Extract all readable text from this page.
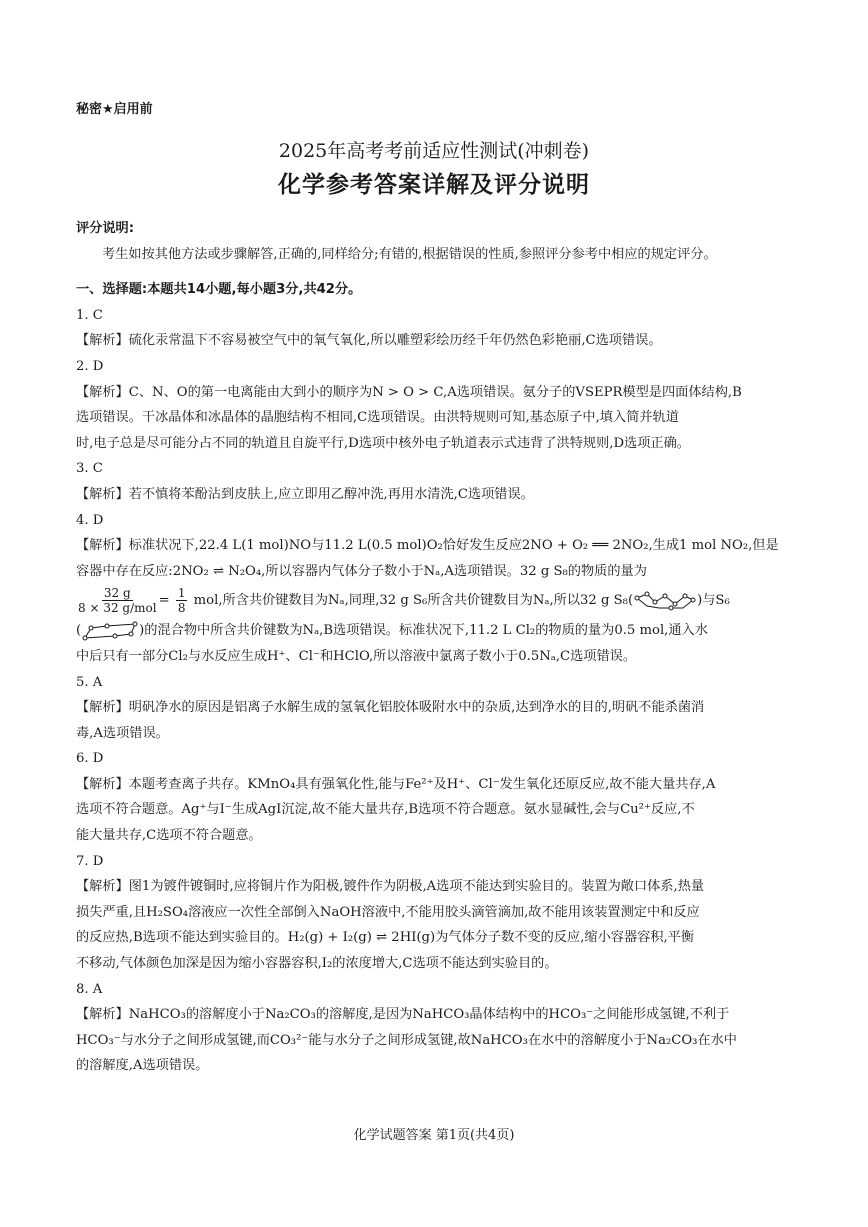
秘密★启用前
2025年高考考前适应性测试(冲刺卷)
化学参考答案详解及评分说明

评分说明:

考生如按其他方法或步骤解答,正确的,同样给分;有错的,根据错误的性质,参照评分参考中相应的规定评分。

一、选择题:本题共14小题,每小题3分,共42分。

1. C

【解析】硫化汞常温下不容易被空气中的氧气氧化,所以雕塑彩绘历经千年仍然色彩艳丽,C选项错误。

2. D

【解析】C、N、O的第一电离能由大到小的顺序为N > O > C,A选项错误。氨分子的VSEPR模型是四面体结构,B

选项错误。干冰晶体和冰晶体的晶胞结构不相同,C选项错误。由洪特规则可知,基态原子中,填入简并轨道

时,电子总是尽可能分占不同的轨道且自旋平行,D选项中核外电子轨道表示式违背了洪特规则,D选项正确。

3. C

【解析】若不慎将苯酚沾到皮肤上,应立即用乙醇冲洗,再用水清洗,C选项错误。

4. D

【解析】标准状况下,22.4 L(1 mol)NO与11.2 L(0.5 mol)O₂恰好发生反应2NO + O₂ ══ 2NO₂,生成1 mol NO₂,但是

容器中存在反应:2NO₂ ⇌ N₂O₄,所以容器内气体分子数小于Nₐ,A选项错误。32 g S₈的物质的量为

$\frac{32 g}{\text{8 × 32 g/mol}} = \frac{1}{8}$ mol,所含共价键数目为Nₐ,同理,32 g S₆所含共价键数目为Nₐ,所以32 g S₈(	)与S₆

(	)的混合物中所含共价键数为Nₐ,B选项错误。标准状况下,11.2 L Cl₂的物质的量为0.5 mol,通入水

中后只有一部分Cl₂与水反应生成H⁺、Cl⁻和HClO,所以溶液中氯离子数小于0.5Nₐ,C选项错误。

5. A

【解析】明矾净水的原因是铝离子水解生成的氢氧化铝胶体吸附水中的杂质,达到净水的目的,明矾不能杀菌消

毒,A选项错误。

6. D

【解析】本题考查离子共存。KMnO₄具有强氧化性,能与Fe²⁺及H⁺、Cl⁻发生氧化还原反应,故不能大量共存,A

选项不符合题意。Ag⁺与I⁻生成AgI沉淀,故不能大量共存,B选项不符合题意。氨水显碱性,会与Cu²⁺反应,不

能大量共存,C选项不符合题意。

7. D

【解析】图1为镀件镀铜时,应将铜片作为阳极,镀件作为阴极,A选项不能达到实验目的。装置为敞口体系,热量

损失严重,且H₂SO₄溶液应一次性全部倒入NaOH溶液中,不能用胶头滴管滴加,故不能用该装置测定中和反应

的反应热,B选项不能达到实验目的。H₂(g) + I₂(g) ⇌ 2HI(g)为气体分子数不变的反应,缩小容器容积,平衡

不移动,气体颜色加深是因为缩小容器容积,I₂的浓度增大,C选项不能达到实验目的。

8. A

【解析】NaHCO₃的溶解度小于Na₂CO₃的溶解度,是因为NaHCO₃晶体结构中的HCO₃⁻之间能形成氢键,不利于

HCO₃⁻与水分子之间形成氢键,而CO₃²⁻能与水分子之间形成氢键,故NaHCO₃在水中的溶解度小于Na₂CO₃在水中

的溶解度,A选项错误。

化学试题答案 第1页(共4页)
